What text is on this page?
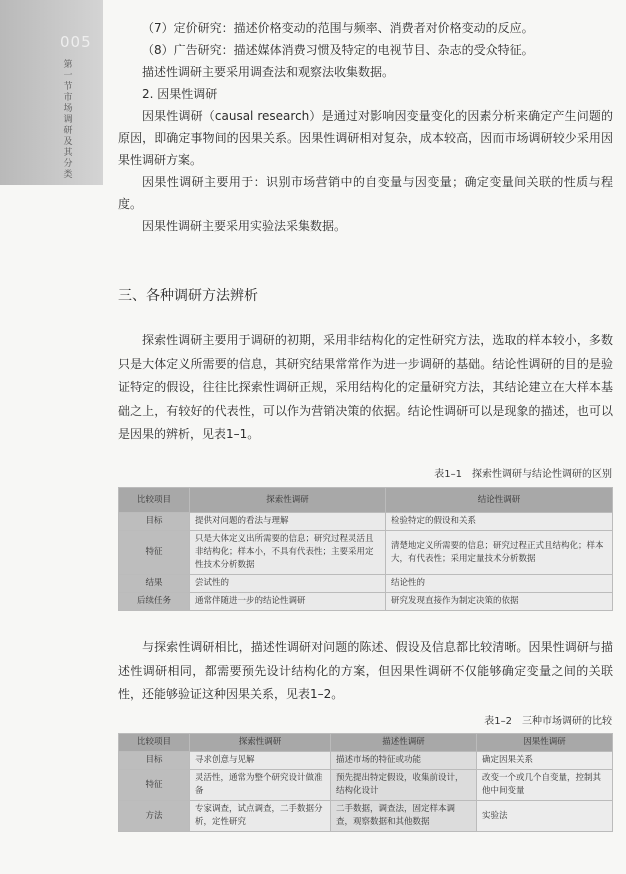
005
第一节 市场调研及其分类

（7）定价研究：描述价格变动的范围与频率、消费者对价格变动的反应。

（8）广告研究：描述媒体消费习惯及特定的电视节目、杂志的受众特征。

描述性调研主要采用调查法和观察法收集数据。

2. 因果性调研

因果性调研（causal research）是通过对影响因变量变化的因素分析来确定产生问题的原因，即确定事物间的因果关系。因果性调研相对复杂，成本较高，因而市场调研较少采用因果性调研方案。

因果性调研主要用于：识别市场营销中的自变量与因变量；确定变量间关联的性质与程度。

因果性调研主要采用实验法采集数据。

三、各种调研方法辨析
探索性调研主要用于调研的初期，采用非结构化的定性研究方法，选取的样本较小，多数只是大体定义所需要的信息，其研究结果常常作为进一步调研的基础。结论性调研的目的是验证特定的假设，往往比探索性调研正规，采用结构化的定量研究方法，其结论建立在大样本基础之上，有较好的代表性，可以作为营销决策的依据。结论性调研可以是现象的描述，也可以是因果的辨析，见表1–1。
表1–1　探索性调研与结论性调研的区别
比较项目	探索性调研	结论性调研
目标	提供对问题的看法与理解	检验特定的假设和关系
特征	只是大体定义出所需要的信息；研究过程灵活且非结构化；样本小，不具有代表性；主要采用定性技术分析数据	清楚地定义所需要的信息；研究过程正式且结构化；样本大，有代表性；采用定量技术分析数据
结果	尝试性的	结论性的
后续任务	通常伴随进一步的结论性调研	研究发现直接作为制定决策的依据
与探索性调研相比，描述性调研对问题的陈述、假设及信息都比较清晰。因果性调研与描述性调研相同，都需要预先设计结构化的方案，但因果性调研不仅能够确定变量之间的关联性，还能够验证这种因果关系，见表1–2。
表1–2　三种市场调研的比较
比较项目	探索性调研	描述性调研	因果性调研
目标	寻求创意与见解	描述市场的特征或功能	确定因果关系
特征	灵活性，通常为整个研究设计做准备	预先提出特定假设，收集前设计，结构化设计	改变一个或几个自变量，控制其他中间变量
方法	专家调查，试点调查，二手数据分析，定性研究	二手数据，调查法，固定样本调查，观察数据和其他数据	实验法
